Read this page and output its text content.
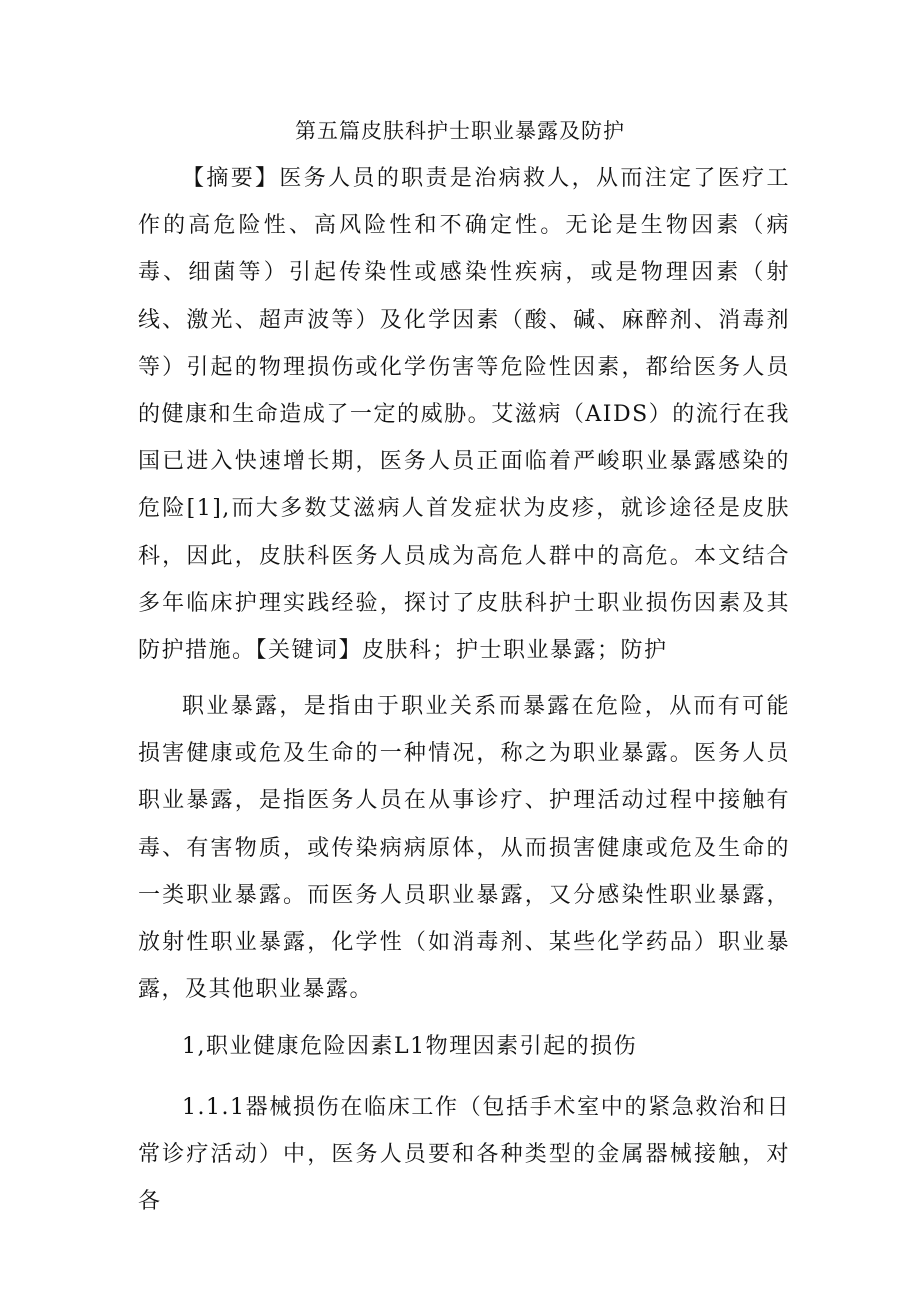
第五篇皮肤科护士职业暴露及防护

【摘要】医务人员的职责是治病救人，从而注定了医疗工作的高危险性、高风险性和不确定性。无论是生物因素（病毒、细菌等）引起传染性或感染性疾病，或是物理因素（射线、激光、超声波等）及化学因素（酸、碱、麻醉剂、消毒剂等）引起的物理损伤或化学伤害等危险性因素，都给医务人员的健康和生命造成了一定的威胁。艾滋病（AIDS）的流行在我国已进入快速增长期，医务人员正面临着严峻职业暴露感染的危险[1],而大多数艾滋病人首发症状为皮疹，就诊途径是皮肤科，因此，皮肤科医务人员成为高危人群中的高危。本文结合多年临床护理实践经验，探讨了皮肤科护士职业损伤因素及其防护措施。【关键词】皮肤科；护士职业暴露；防护

职业暴露，是指由于职业关系而暴露在危险，从而有可能损害健康或危及生命的一种情况，称之为职业暴露。医务人员职业暴露，是指医务人员在从事诊疗、护理活动过程中接触有毒、有害物质，或传染病病原体，从而损害健康或危及生命的一类职业暴露。而医务人员职业暴露，又分感染性职业暴露，放射性职业暴露，化学性（如消毒剂、某些化学药品）职业暴露，及其他职业暴露。

1,职业健康危险因素L1物理因素引起的损伤

1.1.1器械损伤在临床工作（包括手术室中的紧急救治和日常诊疗活动）中，医务人员要和各种类型的金属器械接触，对各
